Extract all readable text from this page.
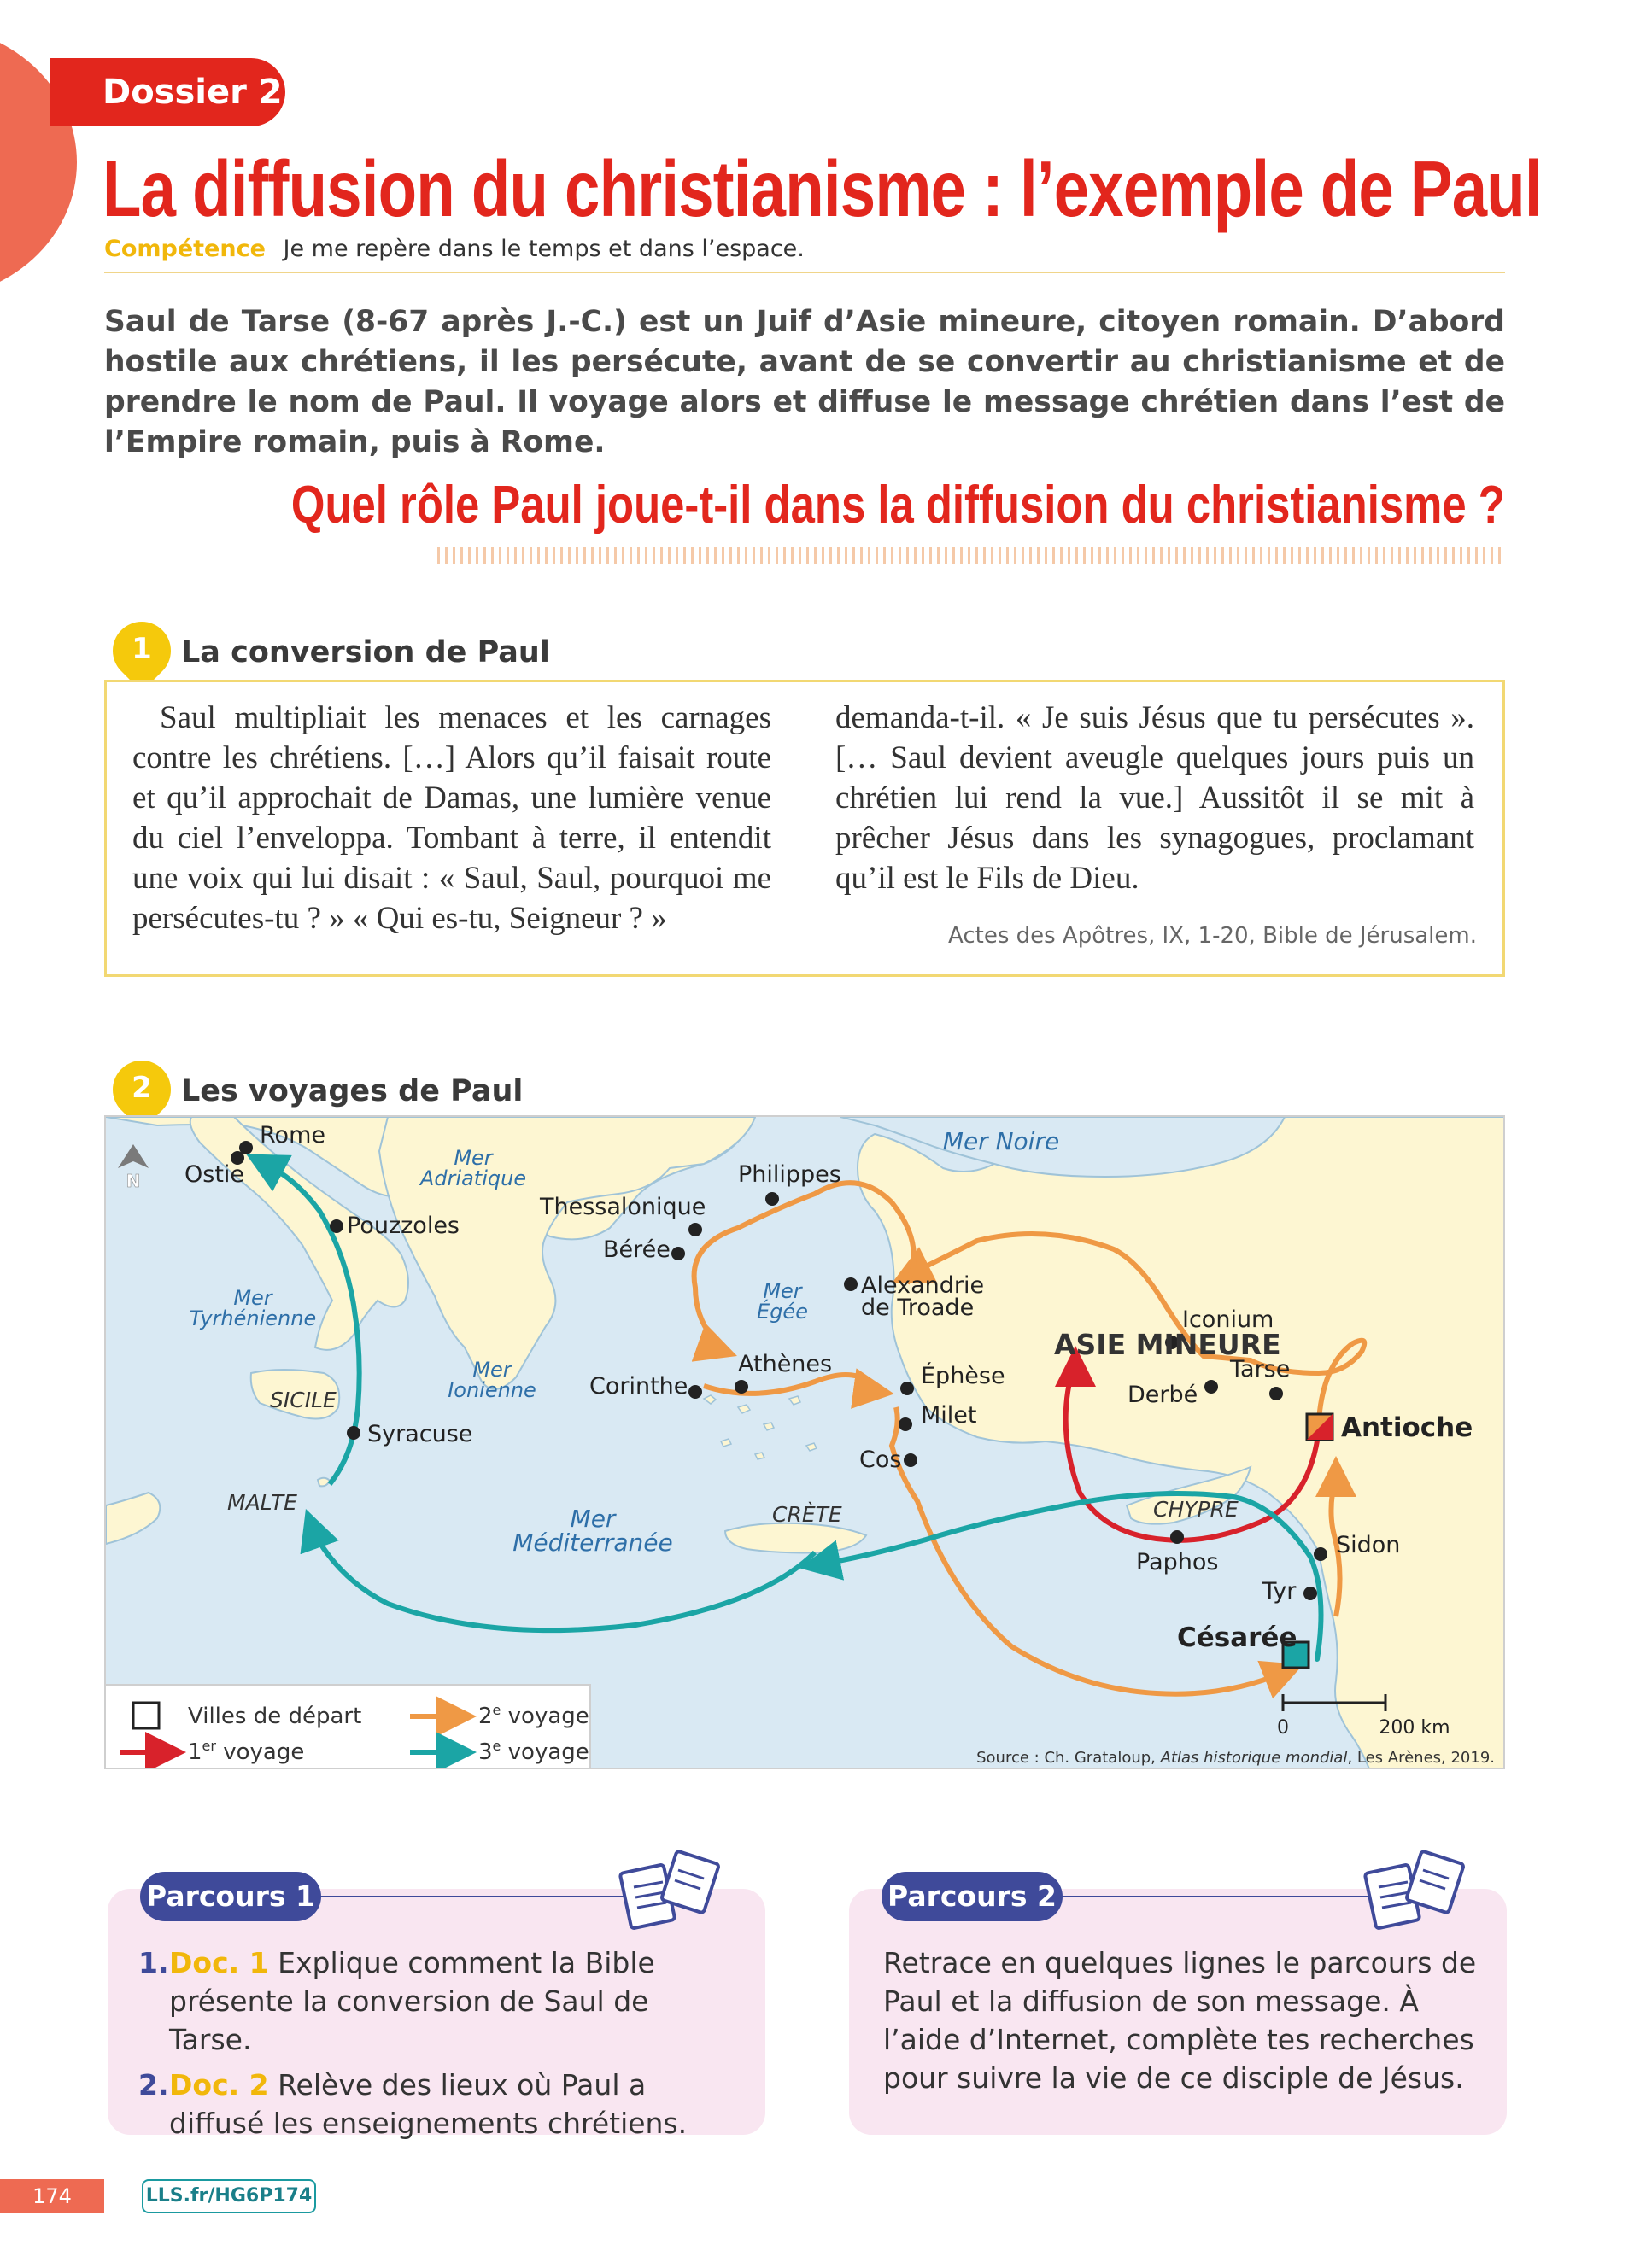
Dossier 2
La diffusion du christianisme : l’exemple de Paul
Compétence Je me repère dans le temps et dans l’espace.

Saul de Tarse (8-67 après J.-C.) est un Juif d’Asie mineure, citoyen romain. D’abord hostile aux chrétiens, il les persécute, avant de se convertir au christianisme et de prendre le nom de Paul. Il voyage alors et diffuse le message chrétien dans l’est de l’Empire romain, puis à Rome.

Quel rôle Paul joue-t-il dans la diffusion du christianisme ?
1 La conversion de Paul

Saul multipliait les menaces et les carnages contre les chrétiens. […] Alors qu’il faisait route et qu’il approchait de Damas, une lumière venue du ciel l’enveloppa. Tombant à terre, il entendit une voix qui lui disait : « Saul, Saul, pourquoi me persécutes-tu ? » « Qui es-tu, Seigneur ? »

demanda-t-il. « Je suis Jésus que tu persécutes ». [… Saul devient aveugle quelques jours puis un chrétien lui rend la vue.] Aussitôt il se mit à prêcher Jésus dans les synagogues, proclamant qu’il est le Fils de Dieu.

Actes des Apôtres, IX, 1-20, Bible de Jérusalem.
2 Les voyages de Paul
N
Mer Noire
Mer
Adriatique
Mer
Tyrhénienne
Mer
Ionienne
Mer
Égée
Mer
Méditerranée
ASIE MINEURE
SICILE
MALTE	CRÈTE	CHYPRE
Rome
Ostie
Pouzzoles
Syracuse
Thessalonique
Bérée
Philippes
Alexandrie
de Troade
Athènes
Corinthe	Éphèse
Milet
Cos
Iconium
Derbé
Tarse
Antioche
Paphos
Sidon
Tyr
Césarée
Villes de départ
1er voyage
2e voyage
3e voyage
0	200 km
Source : Ch. Grataloup, Atlas historique mondial, Les Arènes, 2019.
Parcours 1
1. Doc. 1 Explique comment la Bible présente la conversion de Saul de Tarse.
2. Doc. 2 Relève des lieux où Paul a diffusé les enseignements chrétiens.
Parcours 2

Retrace en quelques lignes le parcours de Paul et la diffusion de son message. À l’aide d’Internet, complète tes recherches pour suivre la vie de ce disciple de Jésus.

174	LLS.fr/HG6P174
